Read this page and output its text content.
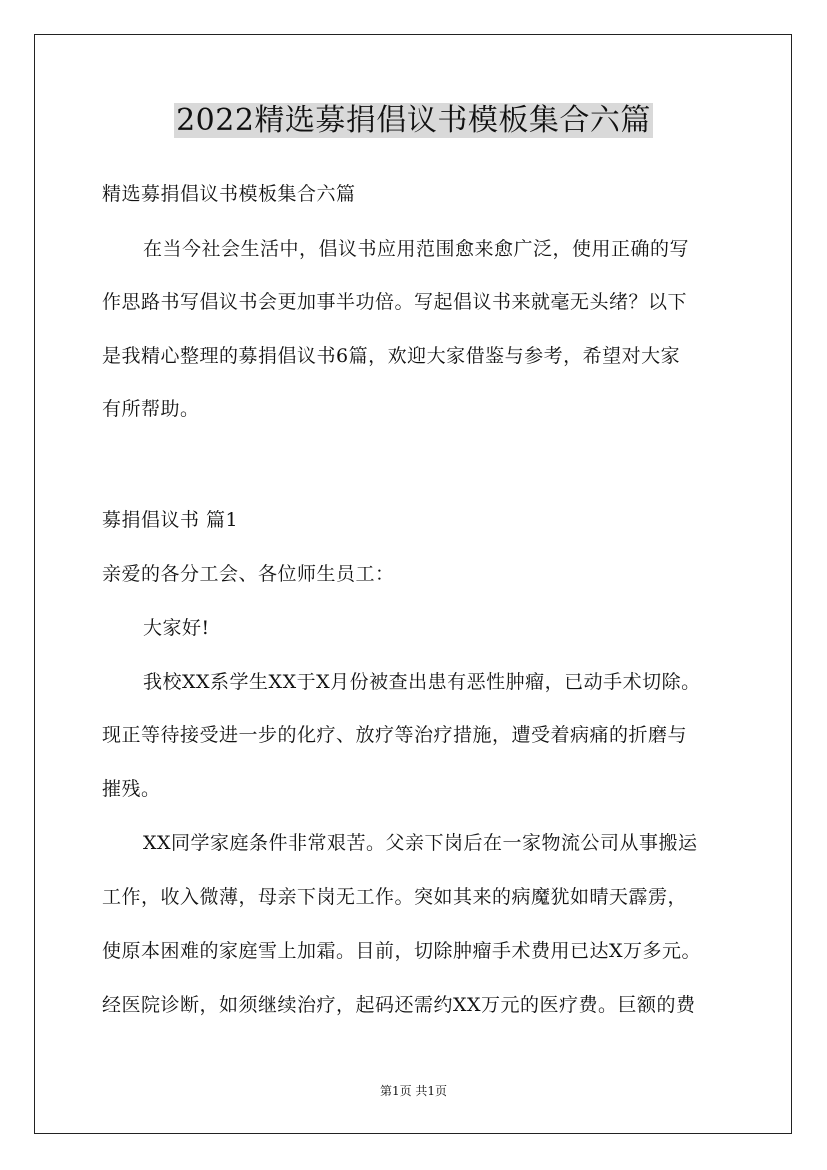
2022精选募捐倡议书模板集合六篇
精选募捐倡议书模板集合六篇
在当今社会生活中，倡议书应用范围愈来愈广泛，使用正确的写
作思路书写倡议书会更加事半功倍。写起倡议书来就毫无头绪？以下
是我精心整理的募捐倡议书6篇，欢迎大家借鉴与参考，希望对大家
有所帮助。
募捐倡议书 篇1
亲爱的各分工会、各位师生员工：
大家好!
我校XX系学生XX于X月份被查出患有恶性肿瘤，已动手术切除。
现正等待接受进一步的化疗、放疗等治疗措施，遭受着病痛的折磨与
摧残。
XX同学家庭条件非常艰苦。父亲下岗后在一家物流公司从事搬运
工作，收入微薄，母亲下岗无工作。突如其来的病魔犹如晴天霹雳，
使原本困难的家庭雪上加霜。目前，切除肿瘤手术费用已达X万多元。
经医院诊断，如须继续治疗，起码还需约XX万元的医疗费。巨额的费
第1页 共1页
